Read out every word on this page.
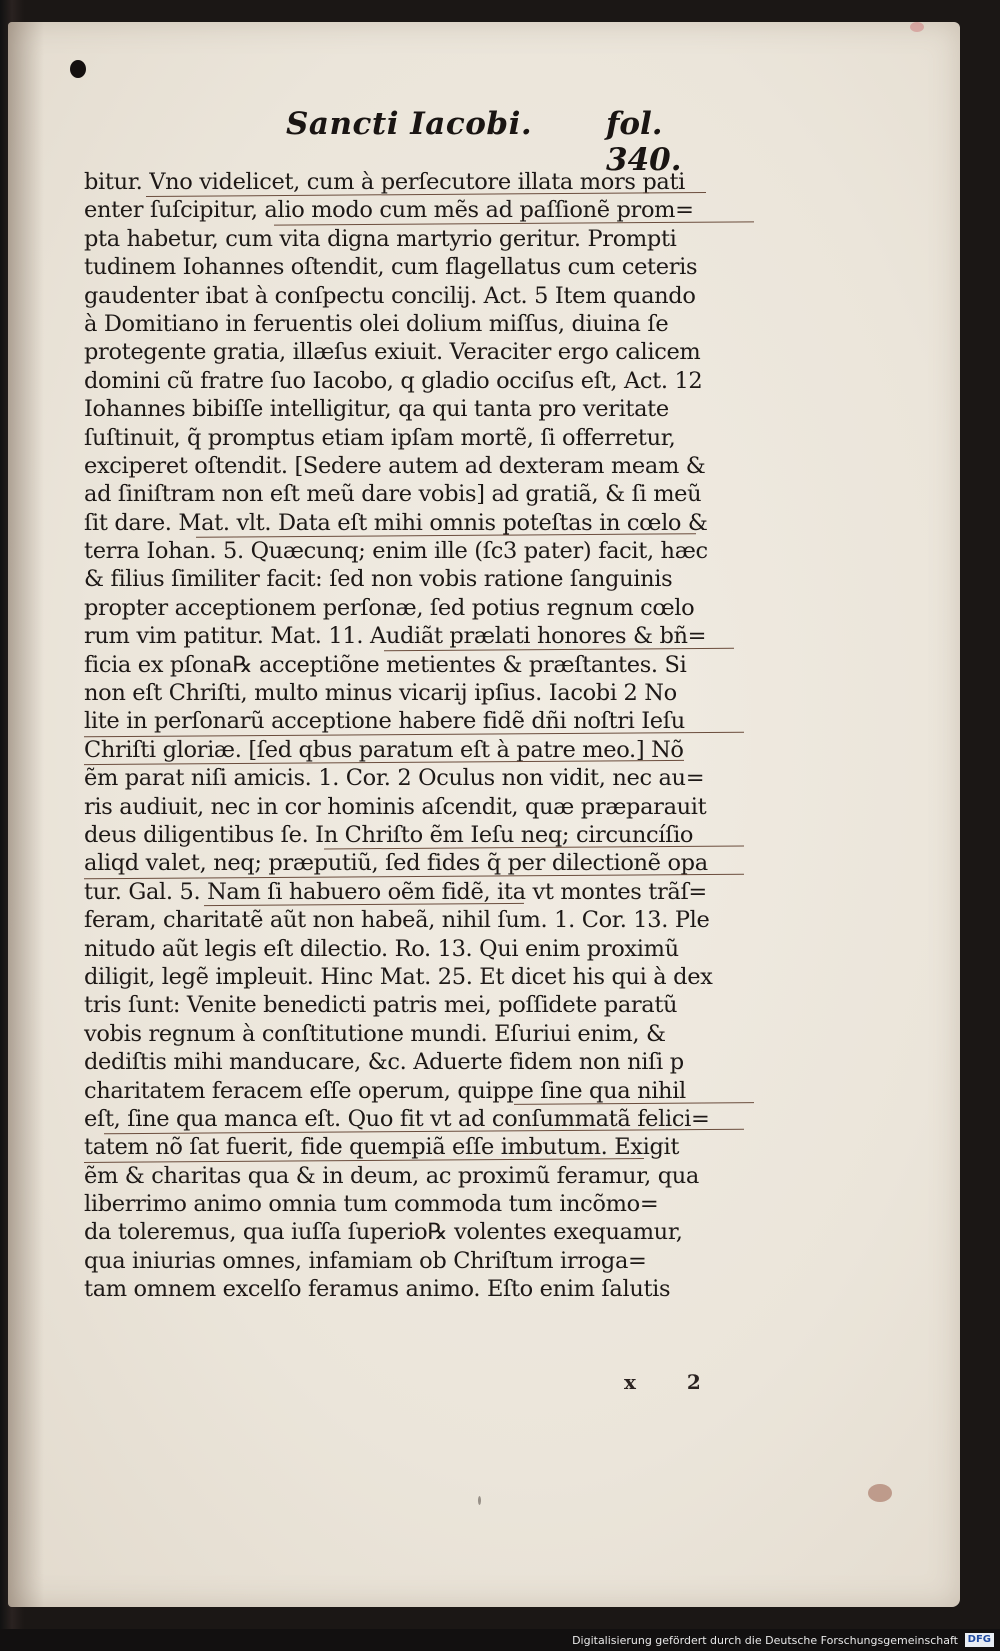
Sancti Iacobi. fol. 340.
bitur. Vno videlicet, cum à perſecutore illata mors pati
enter ſuſcipitur, alio modo cum mẽs ad paſſionẽ prom=
pta habetur, cum vita digna martyrio geritur. Prompti
tudinem Iohannes oſtendit, cum flagellatus cum ceteris
gaudenter ibat à conſpectu concilij. Act. 5 Item quando
à Domitiano in feruentis olei dolium miſſus, diuina ſe
protegente gratia, illæſus exiuit. Veraciter ergo calicem
domini cũ fratre ſuo Iacobo, q gladio occiſus eſt, Act. 12
Iohannes bibiſſe intelligitur, qa qui tanta pro veritate
ſuſtinuit, q̃ promptus etiam ipſam mortẽ, ſi offerretur,
exciperet oſtendit. [Sedere autem ad dexteram meam &
ad ſiniſtram non eſt meũ dare vobis] ad gratiã, & ſi meũ
ſit dare. Mat. vlt. Data eſt mihi omnis poteſtas in cœlo &
terra Iohan. 5. Quæcunq; enim ille (ſc3 pater) facit, hæc
& filius ſimiliter facit: ſed non vobis ratione ſanguinis
propter acceptionem perſonæ, ſed potius regnum cœlo
rum vim patitur. Mat. 11. Audiãt prælati honores & bñ=
ficia ex pſona℞ acceptiõne metientes & præſtantes. Si
non eſt Chriſti, multo minus vicarij ipſius. Iacobi 2 No
lite in perſonarũ acceptione habere fidẽ dñi noſtri Ieſu
Chriſti gloriæ. [ſed qbus paratum eſt à patre meo.] Nõ
ẽm parat niſi amicis. 1. Cor. 2 Oculus non vidit, nec au=
ris audiuit, nec in cor hominis aſcendit, quæ præparauit
deus diligentibus ſe. In Chriſto ẽm Ieſu neq; circuncíſio
aliqd valet, neq; præputiũ, ſed fides q̃ per dilectionẽ opa
tur. Gal. 5. Nam ſi habuero oẽm fidẽ, ita vt montes trãſ=
feram, charitatẽ aũt non habeã, nihil ſum. 1. Cor. 13. Ple
nitudo aũt legis eſt dilectio. Ro. 13. Qui enim proximũ
diligit, legẽ impleuit. Hinc Mat. 25. Et dicet his qui à dex
tris ſunt: Venite benedicti patris mei, poſſidete paratũ
vobis regnum à conſtitutione mundi. Eſuriui enim, &
dediſtis mihi manducare, &c. Aduerte fidem non niſi p
charitatem feracem eſſe operum, quippe ſine qua nihil
eſt, ſine qua manca eſt. Quo fit vt ad conſummatã felici=
tatem nõ ſat fuerit, fide quempiã eſſe imbutum. Exigit
ẽm & charitas qua & in deum, ac proximũ feramur, qua
liberrimo animo omnia tum commoda tum incõmo=
da toleremus, qua iuſſa ſuperio℞ volentes exequamur,
qua iniurias omnes, infamiam ob Chriſtum irroga=
tam omnem excelſo feramus animo. Eſto enim ſalutis
x 2
Digitalisierung gefördert durch die Deutsche Forschungsgemeinschaft DFG
